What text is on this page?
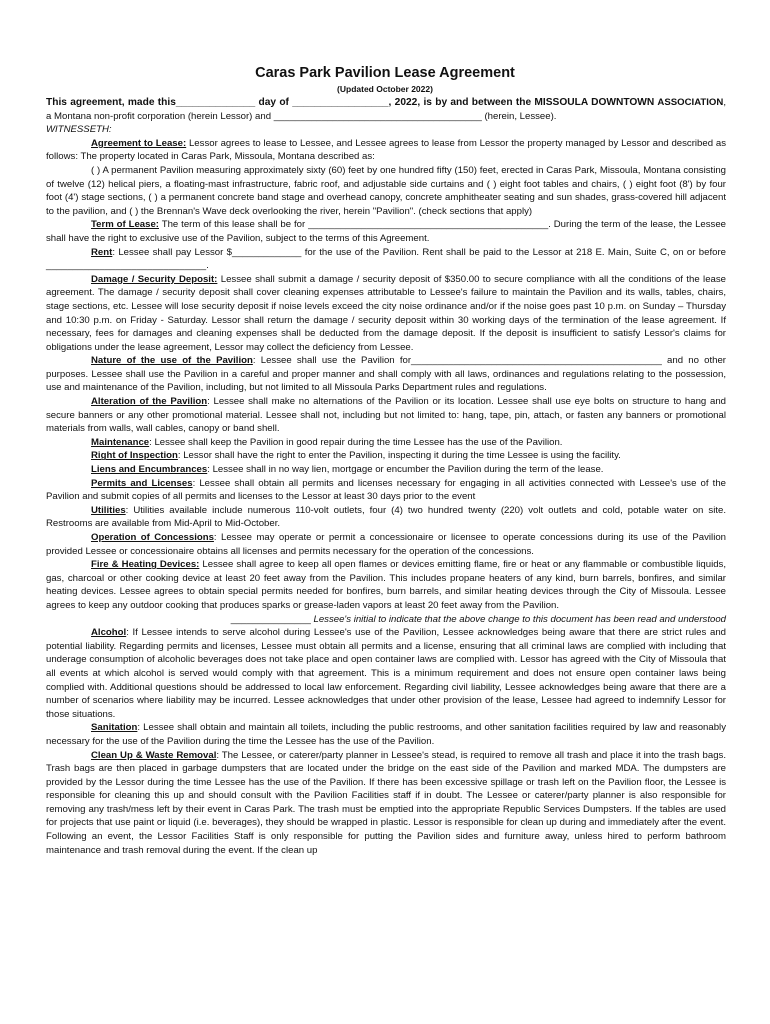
Caras Park Pavilion Lease Agreement
(Updated October 2022)

This agreement, made this______________ day of _________________, 2022, is by and between the MISSOULA DOWNTOWN ASSOCIATION, a Montana non-profit corporation (herein Lessor) and _______________________________________ (herein, Lessee).

WITNESSETH:

Agreement to Lease: Lessor agrees to lease to Lessee, and Lessee agrees to lease from Lessor the property managed by Lessor and described as follows: The property located in Caras Park, Missoula, Montana described as:

( ) A permanent Pavilion measuring approximately sixty (60) feet by one hundred fifty (150) feet, erected in Caras Park, Missoula, Montana consisting of twelve (12) helical piers, a floating-mast infrastructure, fabric roof, and adjustable side curtains and ( ) eight foot tables and chairs, ( ) eight foot (8') by four foot (4') stage sections, ( ) a permanent concrete band stage and overhead canopy, concrete amphitheater seating and sun shades, grass-covered hill adjacent to the pavilion, and ( ) the Brennan's Wave deck overlooking the river, herein "Pavilion". (check sections that apply)

Term of Lease: The term of this lease shall be for _____________________________________________. During the term of the lease, the Lessee shall have the right to exclusive use of the Pavilion, subject to the terms of this Agreement.

Rent: Lessee shall pay Lessor $_____________ for the use of the Pavilion. Rent shall be paid to the Lessor at 218 E. Main, Suite C, on or before ______________________________.

Damage / Security Deposit: Lessee shall submit a damage / security deposit of $350.00 to secure compliance with all the conditions of the lease agreement. The damage / security deposit shall cover cleaning expenses attributable to Lessee's failure to maintain the Pavilion and its walls, tables, chairs, stage sections, etc. Lessee will lose security deposit if noise levels exceed the city noise ordinance and/or if the noise goes past 10 p.m. on Sunday – Thursday and 10:30 p.m. on Friday - Saturday. Lessor shall return the damage / security deposit within 30 working days of the termination of the lease agreement. If necessary, fees for damages and cleaning expenses shall be deducted from the damage deposit. If the deposit is insufficient to satisfy Lessor's claims for obligations under the lease agreement, Lessor may collect the deficiency from Lessee.

Nature of the use of the Pavilion: Lessee shall use the Pavilion for_______________________________________________ and no other purposes. Lessee shall use the Pavilion in a careful and proper manner and shall comply with all laws, ordinances and regulations relating to the possession, use and maintenance of the Pavilion, including, but not limited to all Missoula Parks Department rules and regulations.

Alteration of the Pavilion: Lessee shall make no alternations of the Pavilion or its location. Lessee shall use eye bolts on structure to hang and secure banners or any other promotional material. Lessee shall not, including but not limited to: hang, tape, pin, attach, or fasten any banners or promotional materials from walls, wall cables, canopy or band shell.

Maintenance: Lessee shall keep the Pavilion in good repair during the time Lessee has the use of the Pavilion.

Right of Inspection: Lessor shall have the right to enter the Pavilion, inspecting it during the time Lessee is using the facility.

Liens and Encumbrances: Lessee shall in no way lien, mortgage or encumber the Pavilion during the term of the lease.

Permits and Licenses: Lessee shall obtain all permits and licenses necessary for engaging in all activities connected with Lessee's use of the Pavilion and submit copies of all permits and licenses to the Lessor at least 30 days prior to the event

Utilities: Utilities available include numerous 110-volt outlets, four (4) two hundred twenty (220) volt outlets and cold, potable water on site. Restrooms are available from Mid-April to Mid-October.

Operation of Concessions: Lessee may operate or permit a concessionaire or licensee to operate concessions during its use of the Pavilion provided Lessee or concessionaire obtains all licenses and permits necessary for the operation of the concessions.

Fire & Heating Devices: Lessee shall agree to keep all open flames or devices emitting flame, fire or heat or any flammable or combustible liquids, gas, charcoal or other cooking device at least 20 feet away from the Pavilion. This includes propane heaters of any kind, burn barrels, bonfires, and similar heating devices. Lessee agrees to obtain special permits needed for bonfires, burn barrels, and similar heating devices through the City of Missoula. Lessee agrees to keep any outdoor cooking that produces sparks or grease-laden vapors at least 20 feet away from the Pavilion.

_______________ Lessee's initial to indicate that the above change to this document has been read and understood

Alcohol: If Lessee intends to serve alcohol during Lessee's use of the Pavilion, Lessee acknowledges being aware that there are strict rules and potential liability. Regarding permits and licenses, Lessee must obtain all permits and a license, ensuring that all criminal laws are complied with including that underage consumption of alcoholic beverages does not take place and open container laws are complied with. Lessor has agreed with the City of Missoula that all events at which alcohol is served would comply with that agreement. This is a minimum requirement and does not ensure open container laws being complied with. Additional questions should be addressed to local law enforcement. Regarding civil liability, Lessee acknowledges being aware that there are a number of scenarios where liability may be incurred. Lessee acknowledges that under other provision of the lease, Lessee had agreed to indemnify Lessor for those situations.

Sanitation: Lessee shall obtain and maintain all toilets, including the public restrooms, and other sanitation facilities required by law and reasonably necessary for the use of the Pavilion during the time the Lessee has the use of the Pavilion.

Clean Up & Waste Removal: The Lessee, or caterer/party planner in Lessee's stead, is required to remove all trash and place it into the trash bags. Trash bags are then placed in garbage dumpsters that are located under the bridge on the east side of the Pavilion and marked MDA. The dumpsters are provided by the Lessor during the time Lessee has the use of the Pavilion. If there has been excessive spillage or trash left on the Pavilion floor, the Lessee is responsible for cleaning this up and should consult with the Pavilion Facilities staff if in doubt. The Lessee or caterer/party planner is also responsible for removing any trash/mess left by their event in Caras Park. The trash must be emptied into the appropriate Republic Services Dumpsters. If the tables are used for projects that use paint or liquid (i.e. beverages), they should be wrapped in plastic. Lessor is responsible for clean up during and immediately after the event. Following an event, the Lessor Facilities Staff is only responsible for putting the Pavilion sides and furniture away, unless hired to perform bathroom maintenance and trash removal during the event. If the clean up
